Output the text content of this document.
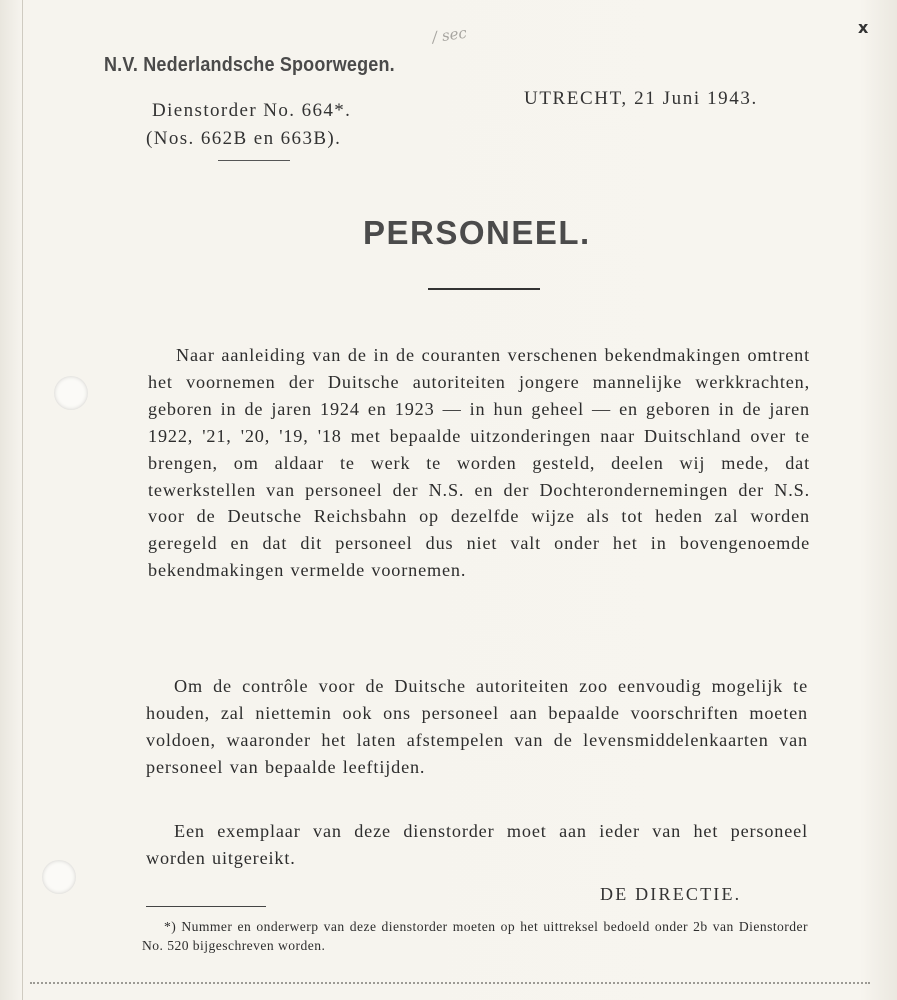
x
/ sec
N.V. Nederlandsche Spoorwegen.
Dienstorder No. 664*.
(Nos. 662B en 663B).
UTRECHT, 21 Juni 1943.
PERSONEEL.
Naar aanleiding van de in de couranten verschenen bekendmakingen omtrent het voornemen der Duitsche autoriteiten jongere mannelijke werkkrachten, geboren in de jaren 1924 en 1923 — in hun geheel — en geboren in de jaren 1922, '21, '20, '19, '18 met bepaalde uitzonderingen naar Duitschland over te brengen, om aldaar te werk te worden gesteld, deelen wij mede, dat tewerkstellen van personeel der N.S. en der Dochterondernemingen der N.S. voor de Deutsche Reichsbahn op dezelfde wijze als tot heden zal worden geregeld en dat dit personeel dus niet valt onder het in bovengenoemde bekendmakingen vermelde voornemen.
Om de contrôle voor de Duitsche autoriteiten zoo eenvoudig mogelijk te houden, zal niettemin ook ons personeel aan bepaalde voorschriften moeten voldoen, waaronder het laten afstempelen van de levensmiddelenkaarten van personeel van bepaalde leeftijden.
Een exemplaar van deze dienstorder moet aan ieder van het personeel worden uitgereikt.
DE DIRECTIE.
*) Nummer en onderwerp van deze dienstorder moeten op het uittreksel bedoeld onder 2b van Dienstorder No. 520 bijgeschreven worden.
